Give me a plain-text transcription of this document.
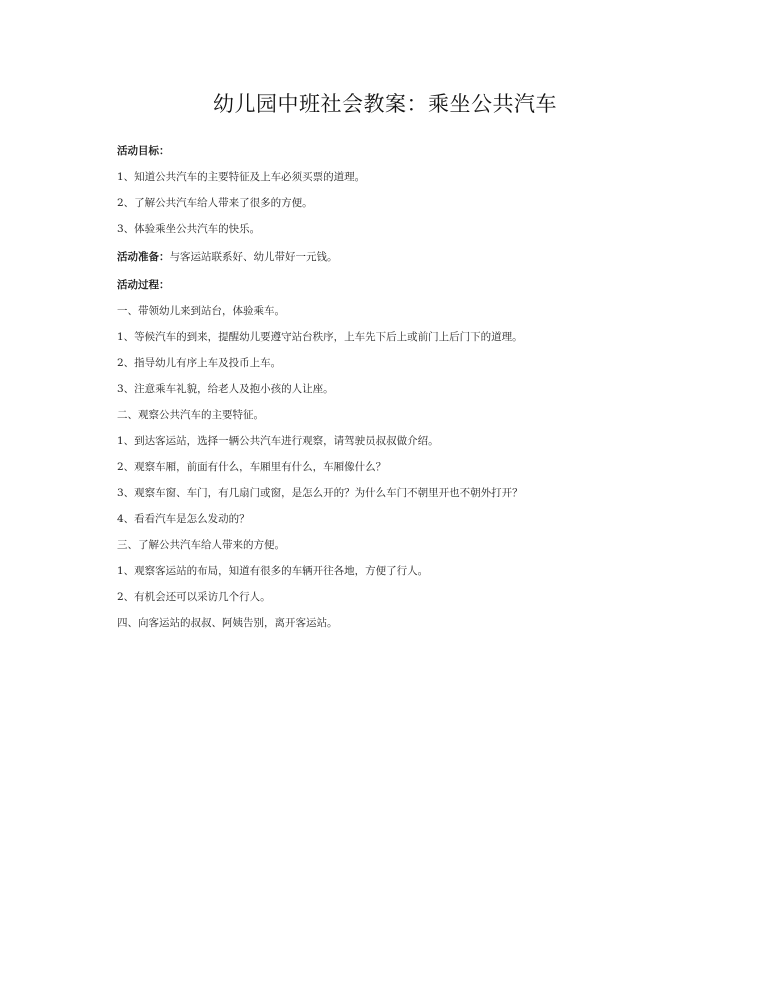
幼儿园中班社会教案：乘坐公共汽车
活动目标：
1、知道公共汽车的主要特征及上车必须买票的道理。
2、了解公共汽车给人带来了很多的方便。
3、体验乘坐公共汽车的快乐。
活动准备：与客运站联系好、幼儿带好一元钱。
活动过程：
一、带领幼儿来到站台，体验乘车。
1、等候汽车的到来，提醒幼儿要遵守站台秩序，上车先下后上或前门上后门下的道理。
2、指导幼儿有序上车及投币上车。
3、注意乘车礼貌，给老人及抱小孩的人让座。
二、观察公共汽车的主要特征。
1、到达客运站，选择一辆公共汽车进行观察，请驾驶员叔叔做介绍。
2、观察车厢，前面有什么，车厢里有什么，车厢像什么？
3、观察车窗、车门，有几扇门或窗，是怎么开的？为什么车门不朝里开也不朝外打开？
4、看看汽车是怎么发动的？
三、了解公共汽车给人带来的方便。
1、观察客运站的布局，知道有很多的车辆开往各地，方便了行人。
2、有机会还可以采访几个行人。
四、向客运站的叔叔、阿姨告别，离开客运站。
